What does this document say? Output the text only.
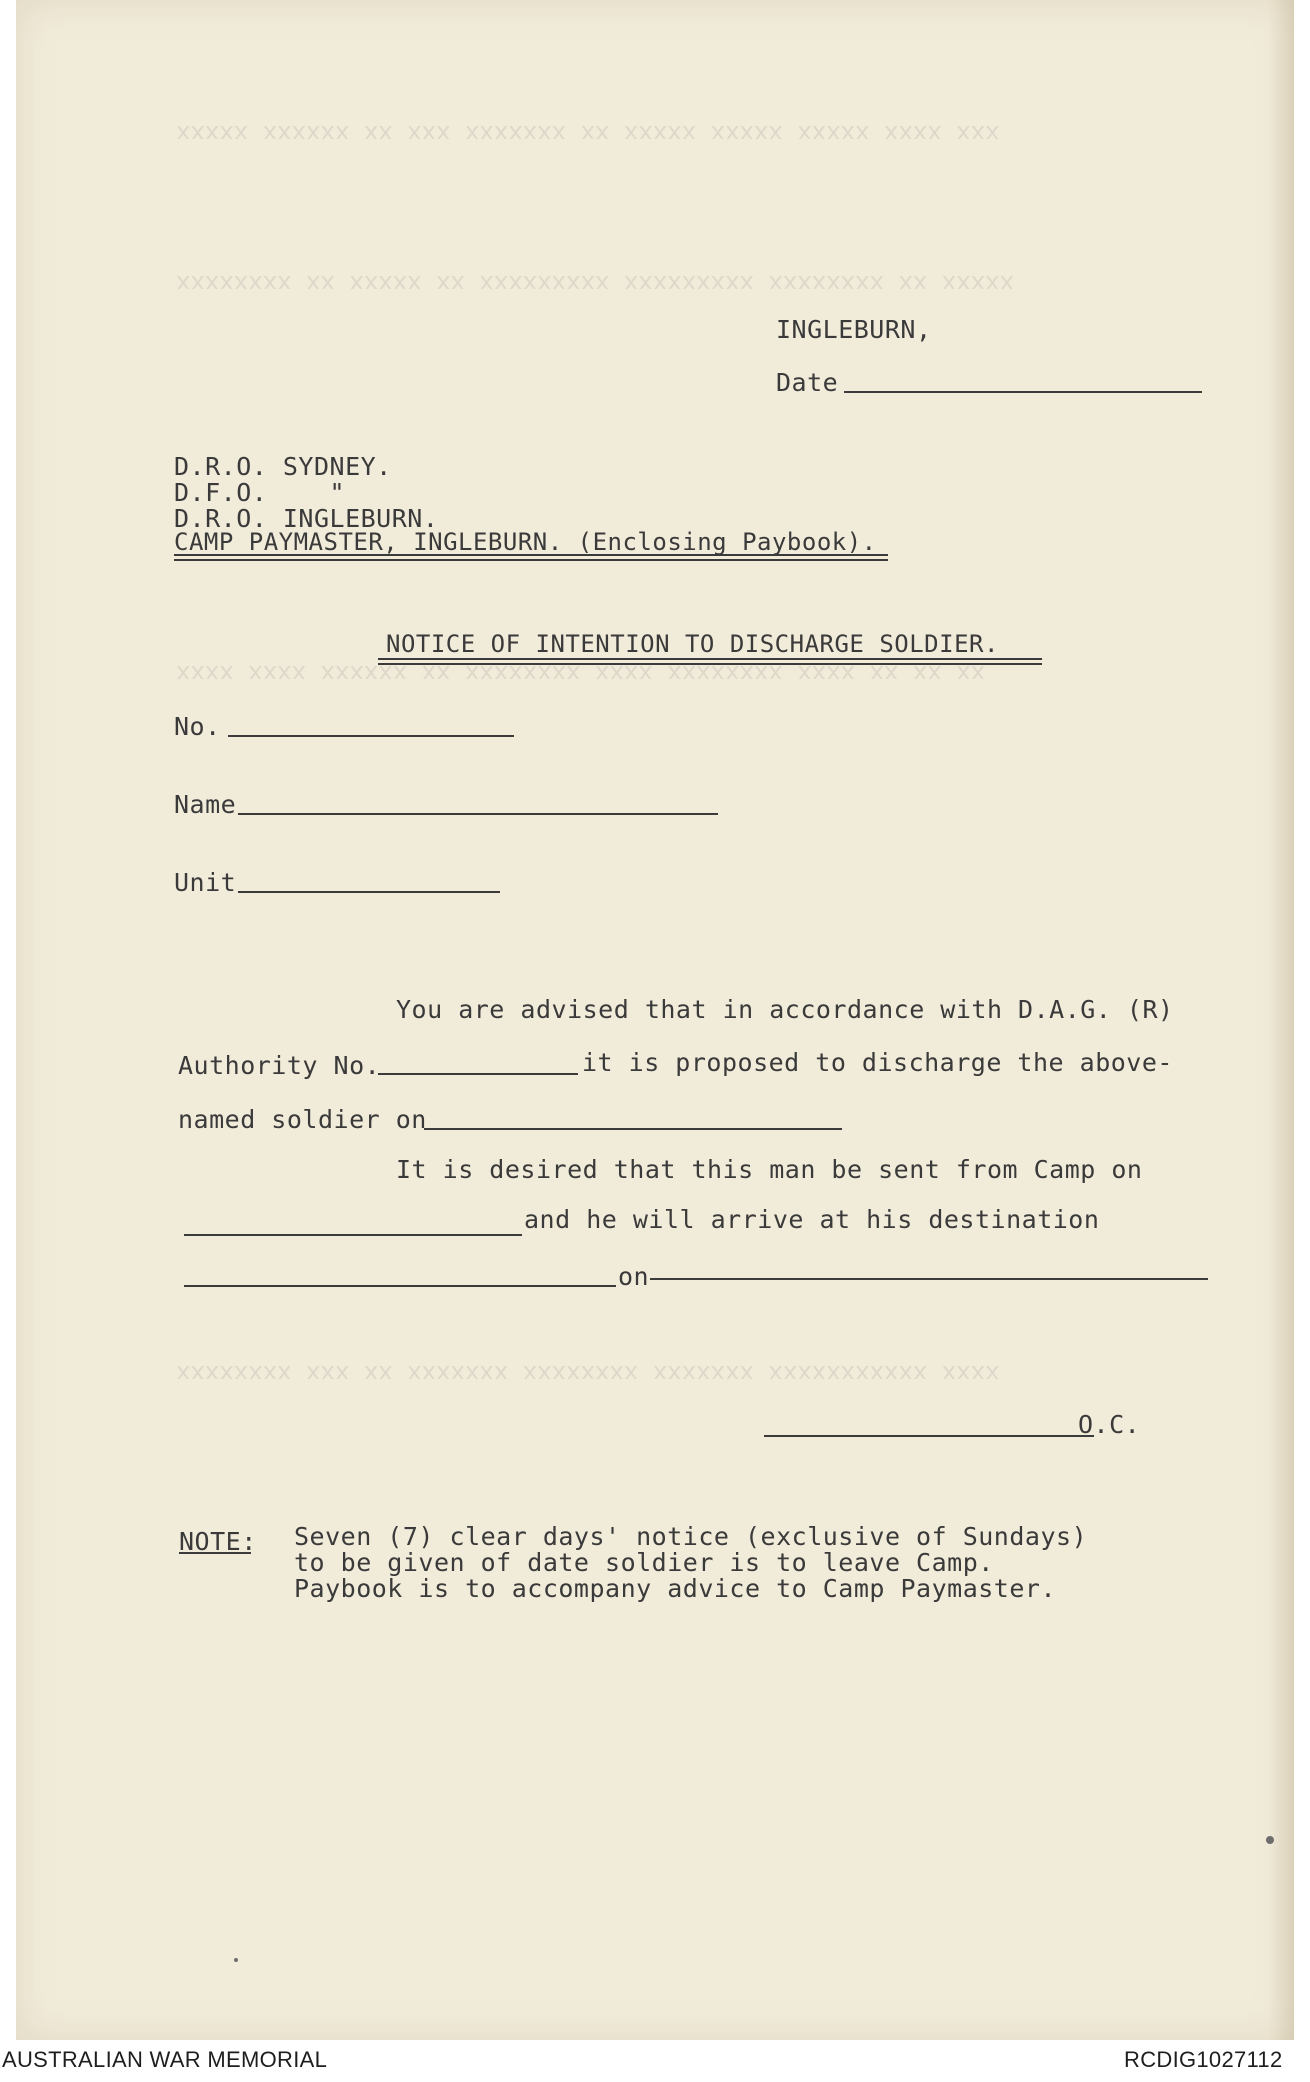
xxxxx xxxxxx xx xxx xxxxxxx xx xxxxx xxxxx xxxxx xxxx xxx
xxxxxxxx xx xxxxx xx xxxxxxxxx xxxxxxxxx xxxxxxxx xx xxxxx
xxxx xxxx xxxxxx xx xxxxxxxx xxxx xxxxxxxx xxxx xx xx xx
xxxxxxxx xxx xx xxxxxxx xxxxxxxx xxxxxxx xxxxxxxxxxx xxxx
INGLEBURN,
Date
D.R.O. SYDNEY.
D.F.O.    "
D.R.O. INGLEBURN.
CAMP PAYMASTER, INGLEBURN. (Enclosing Paybook).
NOTICE OF INTENTION TO DISCHARGE SOLDIER.
No.
Name
Unit
You are advised that in accordance with D.A.G. (R)
Authority No.	it is proposed to discharge the above-
named soldier on
It is desired that this man be sent from Camp on
and he will arrive at his destination
on
O.C.
NOTE: Seven (7) clear days' notice (exclusive of Sundays)
to be given of date soldier is to leave Camp.
Paybook is to accompany advice to Camp Paymaster.
AUSTRALIAN WAR MEMORIAL	RCDIG1027112
